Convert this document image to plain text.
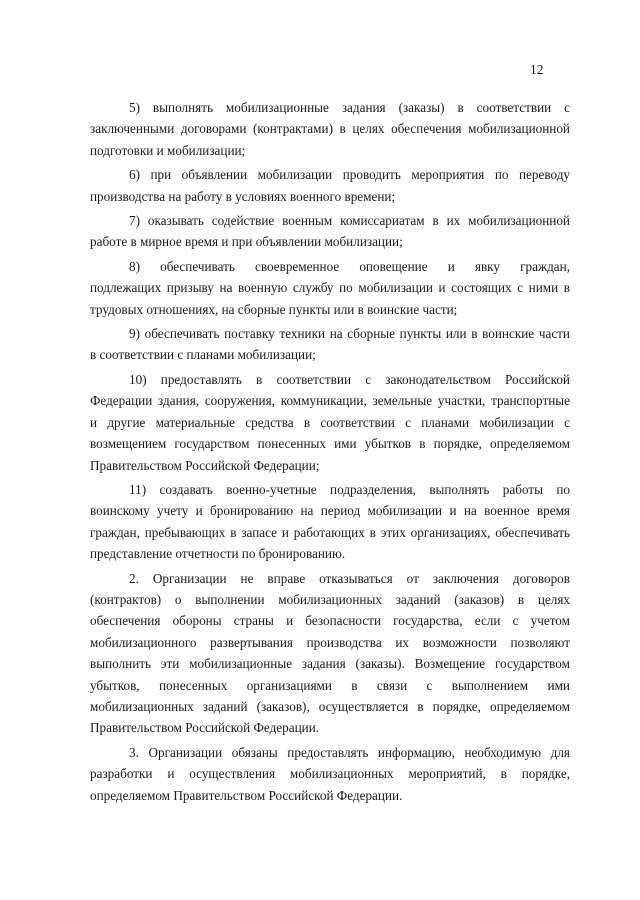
12

5) выполнять мобилизационные задания (заказы) в соответствии с
заключенными договорами (контрактами) в целях обеспечения мобилизационной
подготовки и мобилизации;

6) при объявлении мобилизации проводить мероприятия по переводу
производства на работу в условиях военного времени;

7) оказывать содействие военным комиссариатам в их мобилизационной
работе в мирное время и при объявлении мобилизации;

8) обеспечивать своевременное оповещение и явку граждан,
подлежащих призыву на военную службу по мобилизации и состоящих с ними в
трудовых отношениях, на сборные пункты или в воинские части;

9) обеспечивать поставку техники на сборные пункты или в воинские части
в соответствии с планами мобилизации;

10) предоставлять в соответствии с законодательством Российской
Федерации здания, сооружения, коммуникации, земельные участки, транспортные
и другие материальные средства в соответствии с планами мобилизации с
возмещением государством понесенных ими убытков в порядке, определяемом
Правительством Российской Федерации;

11) создавать военно-учетные подразделения, выполнять работы по
воинскому учету и бронированию на период мобилизации и на военное время
граждан, пребывающих в запасе и работающих в этих организациях, обеспечивать
представление отчетности по бронированию.

2. Организации не вправе отказываться от заключения договоров
(контрактов) о выполнении мобилизационных заданий (заказов) в целях
обеспечения обороны страны и безопасности государства, если с учетом
мобилизационного развертывания производства их возможности позволяют
выполнить эти мобилизационные задания (заказы). Возмещение государством
убытков, понесенных организациями в связи с выполнением ими
мобилизационных заданий (заказов), осуществляется в порядке, определяемом
Правительством Российской Федерации.

3. Организации обязаны предоставлять информацию, необходимую для
разработки и осуществления мобилизационных мероприятий, в порядке,
определяемом Правительством Российской Федерации.
